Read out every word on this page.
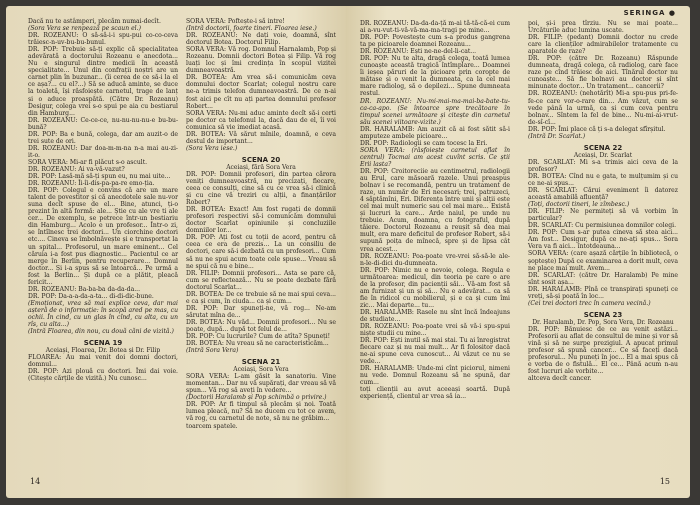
Dacă nu te astâmperi, plecăm numai-decît.

(Sora Vera se renpează pe scaun el.)

DR. ROZEANU: O să-să-i-i spu-pui co-co-ceva trăiesc-n-uv-bu-bu-bunul.

DR. POP: Trebuie să-ți explic că specialitatea adevărată a doctorului Rozeanu e anecdota... Nu e singurul dintre medicii în această specialitate... Unul din confrații noștri are un carnet plin în buzunar... (îi cerea de ce să-i la el ce așa?... cu el?...) Să se aducă aminte, se duce la toaletă, își răsfoiește carnetul, trage de lanț și o aduce proaspătă. (Către Dr. Rozeanu) Desigur, colega vrei s-o spui pe aia cu bestiarul din Hamburg...

DR. ROZEANU: Ce-ce-ce, nu-nu-nu-nu-e bu-bu-bună?

DR. POP: Ba e bună, colega, dar am auzit-o de trei sute de ori.

DR. ROZEANU: Dar doa-m-m-na n-a mai au-zi-it-o.

SORA VERA: Mi-ar fi plăcut s-o ascult.

DR. ROZEANU: Ai va-vă-vazut?

DR. POP: Lasă-mă să-ți spun eu, nu mai uite...

DR. ROZEANU: Îi-îi-dis-pa-pa-re emo-ția.

DR. POP: Colegul e convins că are un mare talent de povestitor și că anecdotele sale nu-vor suna decît spuse de el... Bine, atunci, ți-o prezint în altă formă: ale... Știe cu ale vre ti ale cer... De exemplu, se petrece într-un bestiariu din Hamburg... Acolo e un profesor... Într-o zi, se întîlnesc trei doctori... Un ciorchine doctori etc.... Cineva se îmbolnăvește și e transportat la un spital... Profesorul, un mare eminent... Cel căruia i-a fost pus diagnostic... Pacientul ce ar merge în Berlin, pentru recuperare... Domnul doctor... Și i-a spus să se întoarcă... Pe urmă a fost la Berlin... Și după ce a plătit, pleacă fericit...

DR. ROZEANU: Ba-ba-ba da-da-da...

DR. POP: Da-a-a-da-a-ta... di-di-dic-bune.

(Emoționat, vrea să mai explice ceva, dar mai așteră de o informație: în scopă ared pe mas, cu ochii. În cind, cu un glas în cînd, cu alta, cu un rîs, cu alta...)

(Intră Floarea, din nou, cu două căni de vizită.)

SCENA 19

Aceiași, Floarea, Dr. Botea și Dr. Filip

FLOAREA: Au mai venit doi domni doctori, domnul...

DR. POP: Azi plouă cu doctori. Îmi dai voie. (Citește cărțile de vizită.) Nu cunosc...

SORA VERA: Poftește-i să intre!

(Intră doctorii, foarte tineri. Floarea iese.)

DR. ROZEANU: Ne dați voie, doamnă, sînt doctorul Botea. Doctorul Filip.

SORA VERA: Vă rog. Domnul Harnalamb, Pop și Rozeanu. Domnii doctori Botea și Filip. Vă rog luați loc și îmi credința în scopul vizitei dumneavoastră.

DR. BOTEA: Am vrea să-i comunicăm ceva domnului doctor Scarlat; colegul nostru care ne-a trimis telefon dumneavoastră. De ce n-ai fost aici pe cît nu ați partea domnului profesor Robert...

SORA VERA: Nu-mi aduc aminte decît să-i certi pe doctor ca telefonul la, dacă dau de el, îi voi comunica să vie imediat acasă.

DR. BOTEA: Vă sărut mînile, doamnă, e ceva destul de important...

(Sora Vera iese.)

SCENA 20

Aceiași, fără Sora Vera

DR. POP: Domnii profesori, din partea cărora veniți dumneavoastră, nu precizați, fiecare, ceea ce consulți, cine să cu ce vrea să-i clinică și cu cine vă treziri cu alții, a finanțărilor Robert?

DR. BOTEA: Exact! Am fost rugați de domnii profesori respectivi să-i comunicăm domnului doctor Scarlat opiniunile și concluziile domniilor lor...

DR. POP: Ați fost cu toții de acord, pentru că ceea ce era de prezis... La un consiliu de doctori, care să-i dezbată cu un profesori... Cum să nu ne spui acum toate cele spuse... Vreau să ne spui că nu e bine...

DR. FILIP: Domnii profesori... Asta se pare că, cum se reflectează... Nu se poate dezbate fără doctorul Scarlat...

DR. BOTEA: De ce trebuie să ne mai spui ceva... e ca și cum, în ciuda... ca și cum...

DR. POP: Dar spuneți-ne, vă rog... Ne-am sărutat mîna de...

DR. BOTEA: Nu văd... Domnii profesori... Nu se poate, după... după tot felul de...

DR. POP: Cu lucrurile? Cum de atîta? Spuneți!

DR. BOTEA: Nu vreau să ne caracteristicăm...

(Intră Sora Vera)

SCENA 21

Aceiași, Sora Vera

SORA VERA: L-am găsit la sanatoriu. Vine momentan... Dar nu vă supărați, dar vreau să vă spun... Vă rog să aveți în vedere...

(Doctorii Haralamb și Pop schimbă o privire.)

DR. POP: Ar fi timpul să plecăm și noi. Toată lumea pleacă, nu? Să ne ducem cu tot ce avem, vă rog, cu carnetul de note, să nu ne grăbim...

toarcem spatele.

14
SERINGA ●

DR. ROZEANU: Da-da-da-ță m-ai tă-tă-că-ei cum ai a-vu-vut-ti-vă-vă-ma-ma-tragi pe mine...

DR. POP: Povestește cum s-a produs gangrena ta pe picioarele doamnei Rozeanu...

DR. ROZEANU: Ești ne-ne-del-li-cat...

DR. POP: Nu te alta, dragă colega, toată lumea cunoaște această tragică întîmplare... Doamnei îi ieșea păruri de la picioare prin coropte de mătase și o venit la dumneata, ca la cel mai mare radiolog, să o depilezi... Spune dumneata restul.

DR. ROZEANU: Nu-mi-mai-ma-mai-ba-bate-tu-ca-ca-apo. (Se întoarce spre trecătoare în timpul scenei următoare și citește din carnetul său scenei viitoare-vizite.)

DR. HARALAMB: Am auzit că ai fost sătit să-i amputeze ambele picioare...

DR. POP: Radiologii se cam tocesc la Eri.

SORA VERA: (răsfoiește carnetul aflat în centrul) Tocmai am acest cuvînt scris. Ce știi Erii lasta?

DR. POP: Croitoreciie au centimetrul, radiologii au Erul, care măsoară razele. Unui preaspus bolnav i se recomandă, pentru un tratament de raze, un număr de Eri necesari; trei, patruzeci, 4 săptămîni, Eri. Diferența între unii și alții este cel mai mult numeric sau cel mai mare... Există și lucruri la care... Arde naiul, pe unde nu trebuie. Acum, doamna, cu fotograful, după tăiere. Doctorul Rozeanu a reușit să dea mai mult, era mare deficitul de profesor Robert, să-i supună poița de mînecă, spre și de lipsa cât vrea acest...

DR. ROZEANU: Poa-poate vre-vrei să-să-le ale-n-le-di-dici du-dumneata.

DR. POP: Nimic nu e nevoie, colega. Regula e următoarea: medicul, din teoria pe care o are de la profesor, din pacienții săi... Vă-am fost să am furnizat și un și să... Nu e adevărat... ca să fie în ridicol cu mobilierul, și e ca și cum îmi zic... Mai departe... tu...

DR. HARALAMB: Rasele nu sînt încă îndeajuns de studiate...

DR. ROZEANU: Poa-poate vrei să vă-i spu-spui niște studii cu mine...

DR. POP: Ești inutil să mai stai. Tu ai înregistrat fiecare caz și nu mai mult... Ar fi folositor dacă ne-ai spune ceva cunoscut... Ai văzut ce nu se vede...

DR. HARALAMB: Unde-mi cînt piciorul, nimeni nu vede. Domnul Rozeanu să ne spună, dar cum...

toți clienții au avut aceeași soartă. După experiență, clientul ar vrea să ia...

poi, și-i prea tîrziu. Nu se mai poate... Urcăturile aduc lumina uscate.

DR. FILIP: (pedant) Domnii doctor nu crede care la clienților admirabilelor tratamente cu aparatele de raze?

DR. POP: (către Dr. Rozeanu) Răspunde dumneata, dragă colega, că radiolog, care face raze pe cînd trăiesc de aici. Tînărul doctor nu cunoaște... Să fie bolnavi au doctor și sînt minunate doctor... Un tratament... cancerii?

DR. ROZEANU: (nehotărît) Mi-a spu-pus pri-fe-fe-ce care vor-o-rare din... Am văzut, cum se vede până la urmă, ca și cum ceva pentru bolnav... Sîntem la fel de bine... Nu-mi-ai-vrut-de-sî-cî...

DR. POP: Îmi place că ți s-a delegat sfîrșitul.

(Intră Dr. Scarlat.)

SCENA 22

Aceiași, Dr. Scarlat

DR. SCARLAT: Mi s-a trimis aici ceva de la profesor?

DR. BOTEA: Cînd nu e gata, te mulțumim și cu ce ne-ai spus...

DR. SCARLAT: Cărui eveniment îi datorez această amabilă afluență?

(Toți, doctorii tineri, le zîmbesc.)

DR. FILIP: Ne permiteți să vă vorbim în particular?

DR. SCARLAT: Cu permisiunea domnilor colegi.

DR. POP: Cum s-ar putea cineva să stea aici... Am fost... Desigur, după ce ne-ați spus... Sora Vera va fi aici... întotdeauna...

SORA VERA: (care așază cărțile în bibliotecă, o șoptește) După ce examinarea a dorit mult, ceva ne place mai mult. Avem...

DR. SCARLAT: (către Dr. Haralamb) Pe mine sînt sosit așa...

DR. HARALAMB: Pînă ce transpirați spuneți ce vreți, să-și poată în loc...

(Cei trei doctori trec în camera vecină.)

SCENA 23

Dr. Haralamb, Dr. Pop, Sora Vera, Dr. Rozeanu

DR. POP: Bănuiesc de ce au venit astăzi... Profesorii au aflat de consultul de mine și vor să vină și să ne surpe prezigiul. A apucat primul profesor să spună cancer... Ce să faceți dacă profesorul... Nu puneți în joc... El a mai spus că e vorba de o fistulă... El ce... Până acum n-au fost lucruri ale vorbite...

altceva decît cancer.

15
